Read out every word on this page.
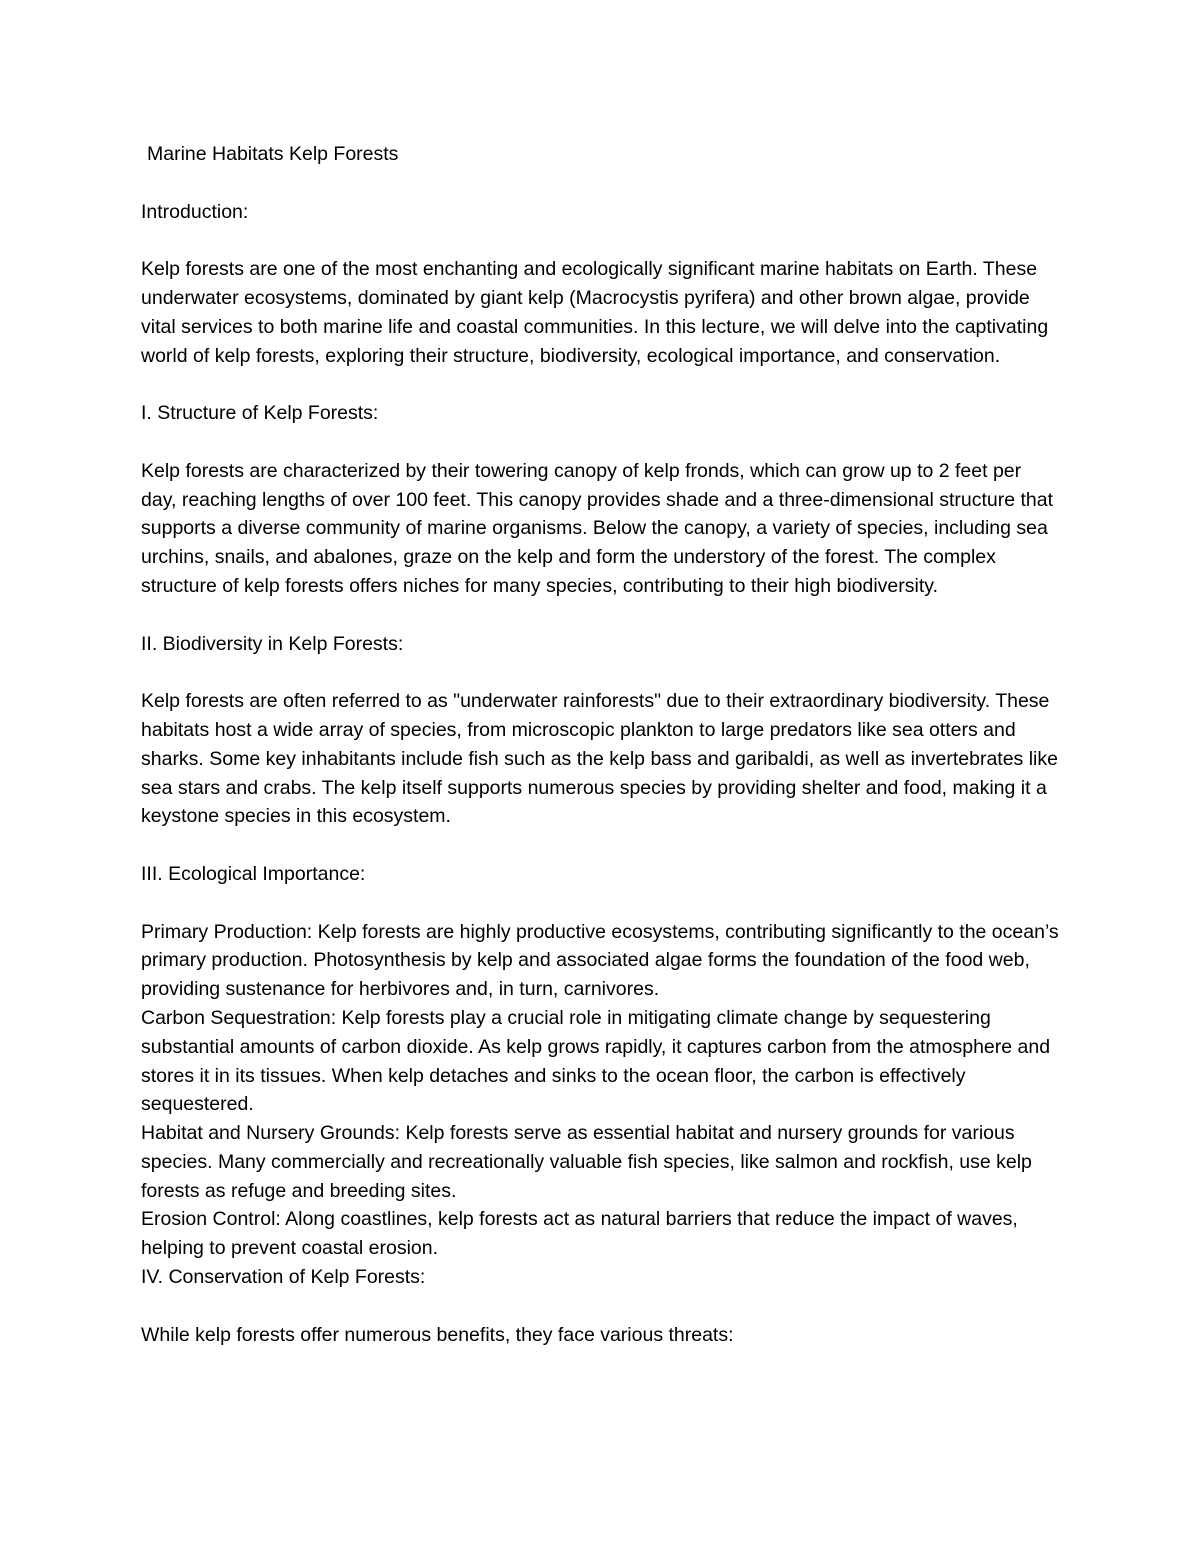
Marine Habitats Kelp Forests

Introduction:

Kelp forests are one of the most enchanting and ecologically significant marine habitats on Earth. These underwater ecosystems, dominated by giant kelp (Macrocystis pyrifera) and other brown algae, provide vital services to both marine life and coastal communities. In this lecture, we will delve into the captivating world of kelp forests, exploring their structure, biodiversity, ecological importance, and conservation.

I. Structure of Kelp Forests:

Kelp forests are characterized by their towering canopy of kelp fronds, which can grow up to 2 feet per day, reaching lengths of over 100 feet. This canopy provides shade and a three-dimensional structure that supports a diverse community of marine organisms. Below the canopy, a variety of species, including sea urchins, snails, and abalones, graze on the kelp and form the understory of the forest. The complex structure of kelp forests offers niches for many species, contributing to their high biodiversity.

II. Biodiversity in Kelp Forests:

Kelp forests are often referred to as "underwater rainforests" due to their extraordinary biodiversity. These habitats host a wide array of species, from microscopic plankton to large predators like sea otters and sharks. Some key inhabitants include fish such as the kelp bass and garibaldi, as well as invertebrates like sea stars and crabs. The kelp itself supports numerous species by providing shelter and food, making it a keystone species in this ecosystem.

III. Ecological Importance:

Primary Production: Kelp forests are highly productive ecosystems, contributing significantly to the ocean’s primary production. Photosynthesis by kelp and associated algae forms the foundation of the food web, providing sustenance for herbivores and, in turn, carnivores.

Carbon Sequestration: Kelp forests play a crucial role in mitigating climate change by sequestering substantial amounts of carbon dioxide. As kelp grows rapidly, it captures carbon from the atmosphere and stores it in its tissues. When kelp detaches and sinks to the ocean floor, the carbon is effectively sequestered.

Habitat and Nursery Grounds: Kelp forests serve as essential habitat and nursery grounds for various species. Many commercially and recreationally valuable fish species, like salmon and rockfish, use kelp forests as refuge and breeding sites.

Erosion Control: Along coastlines, kelp forests act as natural barriers that reduce the impact of waves, helping to prevent coastal erosion.

IV. Conservation of Kelp Forests:

While kelp forests offer numerous benefits, they face various threats:
